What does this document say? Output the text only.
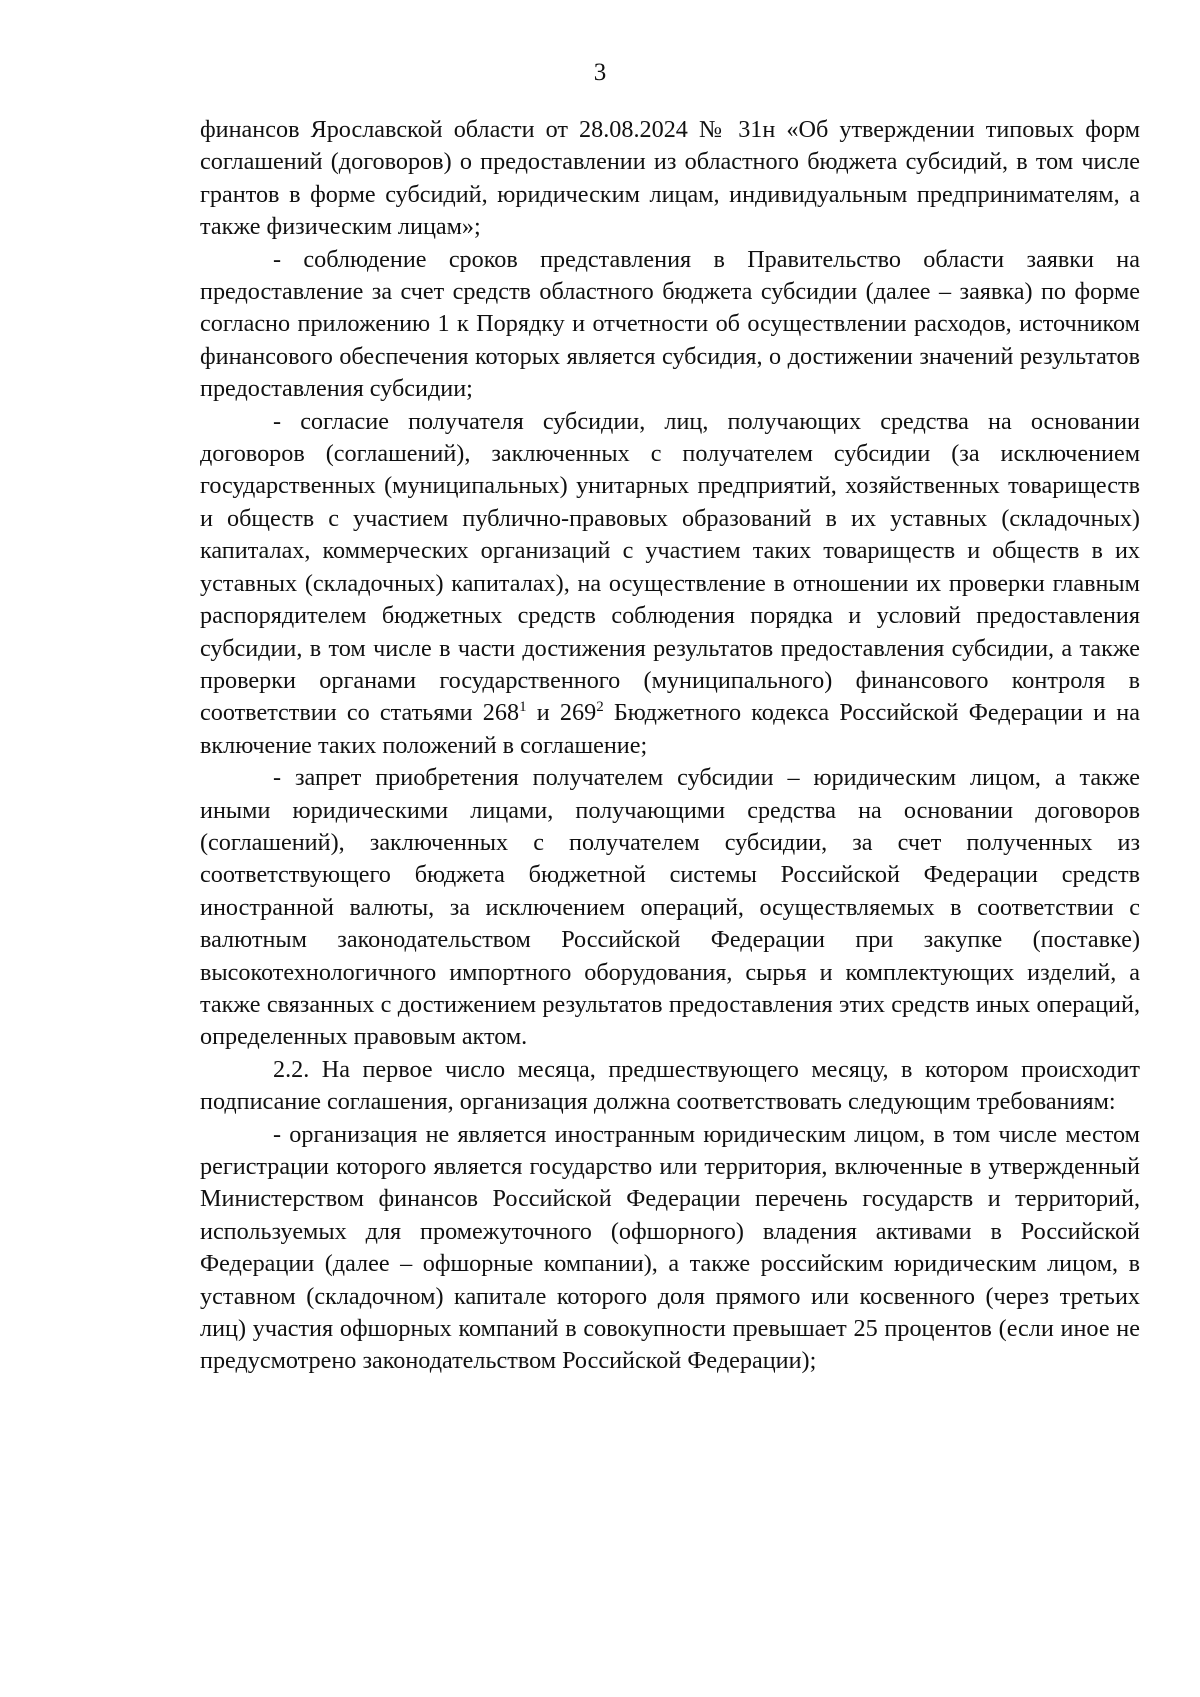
3

финансов Ярославской области от 28.08.2024 № 31н «Об утверждении типовых форм соглашений (договоров) о предоставлении из областного бюджета субсидий, в том числе грантов в форме субсидий, юридическим лицам, индивидуальным предпринимателям, а также физическим лицам»;

- соблюдение сроков представления в Правительство области заявки на предоставление за счет средств областного бюджета субсидии (далее – заявка) по форме согласно приложению 1 к Порядку и отчетности об осуществлении расходов, источником финансового обеспечения которых является субсидия, о достижении значений результатов предоставления субсидии;

- согласие получателя субсидии, лиц, получающих средства на основании договоров (соглашений), заключенных с получателем субсидии (за исключением государственных (муниципальных) унитарных предприятий, хозяйственных товариществ и обществ с участием публично-правовых образований в их уставных (складочных) капиталах, коммерческих организаций с участием таких товариществ и обществ в их уставных (складочных) капиталах), на осуществление в отношении их проверки главным распорядителем бюджетных средств соблюдения порядка и условий предоставления субсидии, в том числе в части достижения результатов предоставления субсидии, а также проверки органами государственного (муниципального) финансового контроля в соответствии со статьями $268^1$ и $269^2$ Бюджетного кодекса Российской Федерации и на включение таких положений в соглашение;

- запрет приобретения получателем субсидии – юридическим лицом, а также иными юридическими лицами, получающими средства на основании договоров (соглашений), заключенных с получателем субсидии, за счет полученных из соответствующего бюджета бюджетной системы Российской Федерации средств иностранной валюты, за исключением операций, осуществляемых в соответствии с валютным законодательством Российской Федерации при закупке (поставке) высокотехнологичного импортного оборудования, сырья и комплектующих изделий, а также связанных с достижением результатов предоставления этих средств иных операций, определенных правовым актом.

2.2. На первое число месяца, предшествующего месяцу, в котором происходит подписание соглашения, организация должна соответствовать следующим требованиям:

- организация не является иностранным юридическим лицом, в том числе местом регистрации которого является государство или территория, включенные в утвержденный Министерством финансов Российской Федерации перечень государств и территорий, используемых для промежуточного (офшорного) владения активами в Российской Федерации (далее – офшорные компании), а также российским юридическим лицом, в уставном (складочном) капитале которого доля прямого или косвенного (через третьих лиц) участия офшорных компаний в совокупности превышает 25 процентов (если иное не предусмотрено законодательством Российской Федерации);
